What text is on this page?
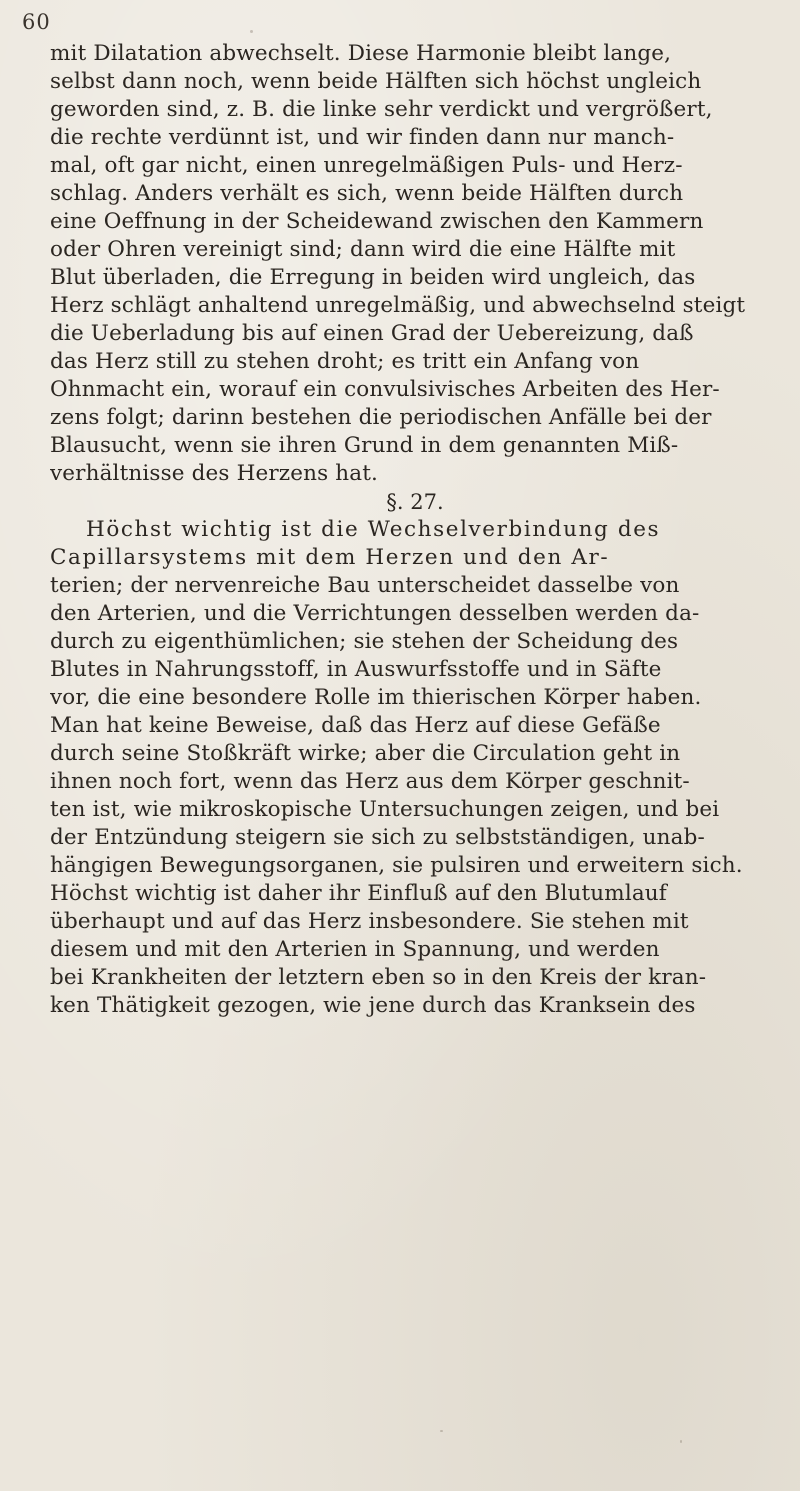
60
mit Dilatation abwechselt. Diese Harmonie bleibt lange,
selbst dann noch, wenn beide Hälften sich höchst ungleich
geworden sind, z. B. die linke sehr verdickt und vergrößert,
die rechte verdünnt ist, und wir finden dann nur manch-
mal, oft gar nicht, einen unregelmäßigen Puls- und Herz-
schlag. Anders verhält es sich, wenn beide Hälften durch
eine Oeffnung in der Scheidewand zwischen den Kammern
oder Ohren vereinigt sind; dann wird die eine Hälfte mit
Blut überladen, die Erregung in beiden wird ungleich, das
Herz schlägt anhaltend unregelmäßig, und abwechselnd steigt
die Ueberladung bis auf einen Grad der Uebereizung, daß
das Herz still zu stehen droht; es tritt ein Anfang von
Ohnmacht ein, worauf ein convulsivisches Arbeiten des Her-
zens folgt; darinn bestehen die periodischen Anfälle bei der
Blausucht, wenn sie ihren Grund in dem genannten Miß-
verhältnisse des Herzens hat.
§. 27.
Höchst wichtig ist die Wechselverbindung des
Capillarsystems mit dem Herzen und den Ar-
terien; der nervenreiche Bau unterscheidet dasselbe von
den Arterien, und die Verrichtungen desselben werden da-
durch zu eigenthümlichen; sie stehen der Scheidung des
Blutes in Nahrungsstoff, in Auswurfsstoffe und in Säfte
vor, die eine besondere Rolle im thierischen Körper haben.
Man hat keine Beweise, daß das Herz auf diese Gefäße
durch seine Stoßkräft wirke; aber die Circulation geht in
ihnen noch fort, wenn das Herz aus dem Körper geschnit-
ten ist, wie mikroskopische Untersuchungen zeigen, und bei
der Entzündung steigern sie sich zu selbstständigen, unab-
hängigen Bewegungsorganen, sie pulsiren und erweitern sich.
Höchst wichtig ist daher ihr Einfluß auf den Blutumlauf
überhaupt und auf das Herz insbesondere. Sie stehen mit
diesem und mit den Arterien in Spannung, und werden
bei Krankheiten der letztern eben so in den Kreis der kran-
ken Thätigkeit gezogen, wie jene durch das Kranksein des
